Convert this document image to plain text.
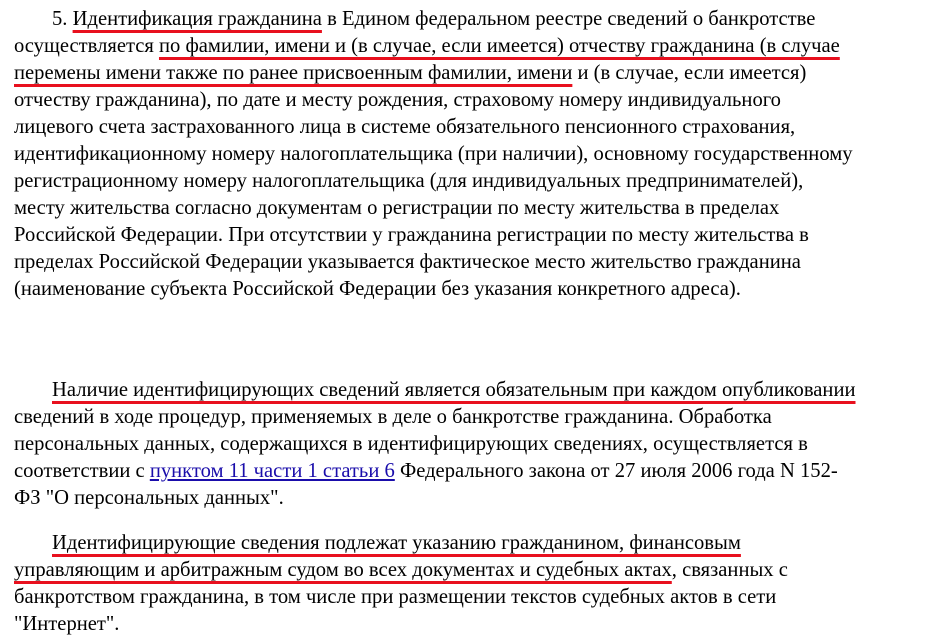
5. Идентификация гражданина в Едином федеральном реестре сведений о банкротстве
осуществляется по фамилии, имени и (в случае, если имеется) отчеству гражданина (в случае
перемены имени также по ранее присвоенным фамилии, имени и (в случае, если имеется)
отчеству гражданина), по дате и месту рождения, страховому номеру индивидуального
лицевого счета застрахованного лица в системе обязательного пенсионного страхования,
идентификационному номеру налогоплательщика (при наличии), основному государственному
регистрационному номеру налогоплательщика (для индивидуальных предпринимателей),
месту жительства согласно документам о регистрации по месту жительства в пределах
Российской Федерации. При отсутствии у гражданина регистрации по месту жительства в
пределах Российской Федерации указывается фактическое место жительство гражданина
(наименование субъекта Российской Федерации без указания конкретного адреса).
Наличие идентифицирующих сведений является обязательным при каждом опубликовании
сведений в ходе процедур, применяемых в деле о банкротстве гражданина. Обработка
персональных данных, содержащихся в идентифицирующих сведениях, осуществляется в
соответствии с пунктом 11 части 1 статьи 6 Федерального закона от 27 июля 2006 года N 152-
ФЗ "О персональных данных".
Идентифицирующие сведения подлежат указанию гражданином, финансовым
управляющим и арбитражным судом во всех документах и судебных актах, связанных с
банкротством гражданина, в том числе при размещении текстов судебных актов в сети
"Интернет".
